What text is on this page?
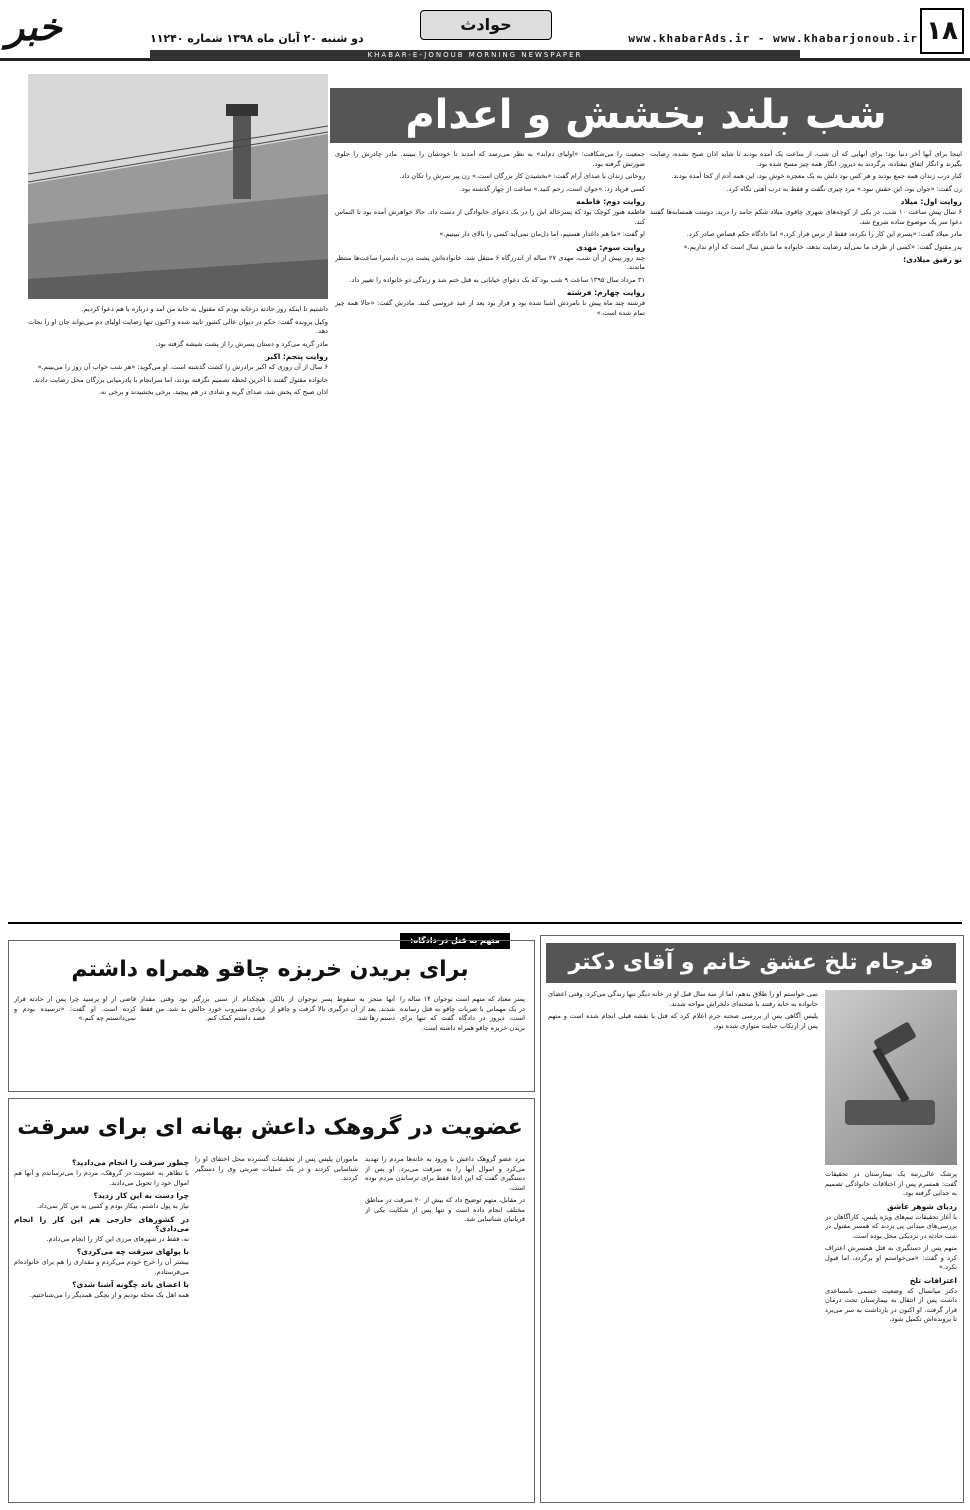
۱۸
www.khabarAds.ir - www.khabarjonoub.ir
حوادث
خبر	دو شنبه ۲۰ آبان ماه ۱۳۹۸ شماره ۱۱۲۴۰
KHABAR-E-JONOUB MORNING NEWSPAPER
شب بلند بخشش و اعدام

اینجا برای آنها آخر دنیا بود؛ برای آنهایی که آن شب، از ساعت یک آمده بودند تا شاید اذان صبح نشده، رضایت بگیرند و انگار اتفاق نیفتاده، برگردند به دیروز. انگار همه چیز مسخ شده بود.

کنار درب زندان همه جمع بودند و هر کس بود دلش به یک معجزه خوش بود. این همه آدم از کجا آمده بودند.

زن گفت: «جوان بود، این حقش نبود.» مرد چیزی نگفت و فقط به درب آهنی نگاه کرد.

روایت اول: میلاد

۶ سال پیش ساعت ۱۰ شب، در یکی از کوچه‌های شهری چاقوی میلاد شکم حامد را درید. دوست همسایه‌ها گفتند دعوا سر یک موضوع ساده شروع شد.

مادر میلاد گفت: «پسرم این کار را نکرده، فقط از ترس فرار کرد.» اما دادگاه حکم قصاص صادر کرد.

پدر مقتول گفت: «کسی از طرف ما نمی‌آید رضایت بدهد، خانواده ما شش سال است که آرام نداریم.»

نو رفیق میلادی؛

جمعیت را می‌شکافت: «اولیای دم‌اند» به نظر می‌رسد که آمدند تا خودشان را ببینند. مادر چادرش را جلوی صورتش گرفته بود.

روحانی زندان با صدای آرام گفت: «بخشیدن کار بزرگان است.» زن پیر سرش را تکان داد.

کسی فریاد زد: «جوان است، رحم کنید.» ساعت از چهار گذشته بود.

روایت دوم: فاطمه

فاطمه هنوز کوچک بود که پسرخاله اش را در یک دعوای خانوادگی از دست داد. حالا خواهرش آمده بود تا التماس کند.

او گفت: «ما هم داغدار هستیم، اما دل‌مان نمی‌آید کسی را بالای دار ببینیم.»

روایت سوم: مهدی

چند روز پیش از آن شب، مهدی ۲۷ ساله از اندرزگاه ۶ منتقل شد. خانواده‌اش پشت درب دادسرا ساعت‌ها منتظر ماندند.

۳۱ مرداد سال ۱۳۹۵ ساعت ۹ شب بود که یک دعوای خیابانی به قتل ختم شد و زندگی دو خانواده را تغییر داد.

روایت چهارم: فرشته

فرشته چند ماه پیش با نامزدش آشنا شده بود و قرار بود بعد از عید عروسی کنند. مادرش گفت: «حالا همه چیز تمام شده است.»

داشتیم تا اینکه روز حادثه درخانه بودم که مقتول به خانه من آمد و درباره با هم دعوا کردیم.

وکیل پرونده گفت: حکم در دیوان عالی کشور تایید شده و اکنون تنها رضایت اولیای دم می‌تواند جان او را نجات دهد.

مادر گریه می‌کرد و دستان پسرش را از پشت شیشه گرفته بود.

روایت پنجم: اکبر

۶ سال از آن روزی که اکبر برادرش را کشت گذشته است. او می‌گوید: «هر شب خواب آن روز را می‌بینم.»

خانواده مقتول گفتند تا آخرین لحظه تصمیم نگرفته بودند، اما سرانجام با پادرمیانی بزرگان محل رضایت دادند.

اذان صبح که پخش شد، صدای گریه و شادی در هم پیچید. برخی بخشیدند و برخی نه.

فرجام تلخ عشق خانم و آقای دکتر

پزشک عالی‌رتبه یک بیمارستان در تحقیقات گفت: همسرم پس از اختلافات خانوادگی تصمیم به جدایی گرفته بود.

ردپای شوهر عاشق

با آغاز تحقیقات تیم‌های ویژه پلیس، کارآگاهان در بررسی‌های میدانی پی بردند که همسر مقتول در شب حادثه در نزدیکی محل بوده است.

متهم پس از دستگیری به قتل همسرش اعتراف کرد و گفت: «می‌خواستم او برگردد، اما قبول نکرد.»

اعترافات تلخ

دکتر میانسال که وضعیت جسمی نامساعدی داشت پس از انتقال به بیمارستان تحت درمان قرار گرفت. او اکنون در بازداشت به سر می‌برد تا پرونده‌اش تکمیل شود.

تمی خواستم او را طلاق بدهم، اما از سه سال قبل او در خانه دیگر تنها زندگی می‌کرد. وقتی اعضای خانواده به خانه رفتند با صحنه‌ای دلخراش مواجه شدند.

پلیس آگاهی پس از بررسی صحنه جرم اعلام کرد که قتل با نقشه قبلی انجام شده است و متهم پس از ارتکاب جنایت متواری شده بود.

متهم به قتل در دادگاه:
برای بریدن خربزه چاقو همراه داشتم

پسر معتاد که متهم است نوجوان ۱۴ ساله را در یک مهمانی با ضربات چاقو به قتل رسانده است، دیروز در دادگاه گفت که تنها برای بریدن خربزه چاقو همراه داشته است.

آنها متجر به سقوط پسر نوجوان از بالکن شدند. بعد از آن درگیری بالا گرفت و چاقو از دستم رها شد.

هیچکدام از سنی بزرگتر بود وقتی مقدار زیادی مشروب خورد حالش بد شد. من فقط قصد داشتم کمک کنم.

قاضی از او پرسید چرا پس از حادثه فرار کرده است. او گفت: «ترسیده بودم و نمی‌دانستم چه کنم.»

عضویت در گروهک داعش بهانه ای برای سرقت

مرد عضو گروهک داعش با ورود به خانه‌ها مردم را تهدید می‌کرد و اموال آنها را به سرقت می‌برد. او پس از دستگیری گفت که این ادعا فقط برای ترساندن مردم بوده است.

در مقابل، متهم توضیح داد که بیش از ۲۰ سرقت در مناطق مختلف انجام داده است و تنها پس از شکایت یکی از قربانیان شناسایی شد.

ماموران پلیس پس از تحقیقات گسترده محل اختفای او را شناسایی کردند و در یک عملیات ضربتی وی را دستگیر کردند.

چطور سرقت را انجام می‌دادید؟

با تظاهر به عضویت در گروهک، مردم را می‌ترساندم و آنها هم اموال خود را تحویل می‌دادند.

چرا دست به این کار زدید؟

نیاز به پول داشتم. بیکار بودم و کسی به من کار نمی‌داد.

در کشورهای خارجی هم این کار را انجام می‌دادی؟

نه، فقط در شهرهای مرزی این کار را انجام می‌دادم.

با پولهای سرقت چه می‌کردی؟

بیشتر آن را خرج خودم می‌کردم و مقداری را هم برای خانواده‌ام می‌فرستادم.

با اعضای باند چگونه آشنا شدی؟

همه اهل یک محله بودیم و از بچگی همدیگر را می‌شناختیم.
